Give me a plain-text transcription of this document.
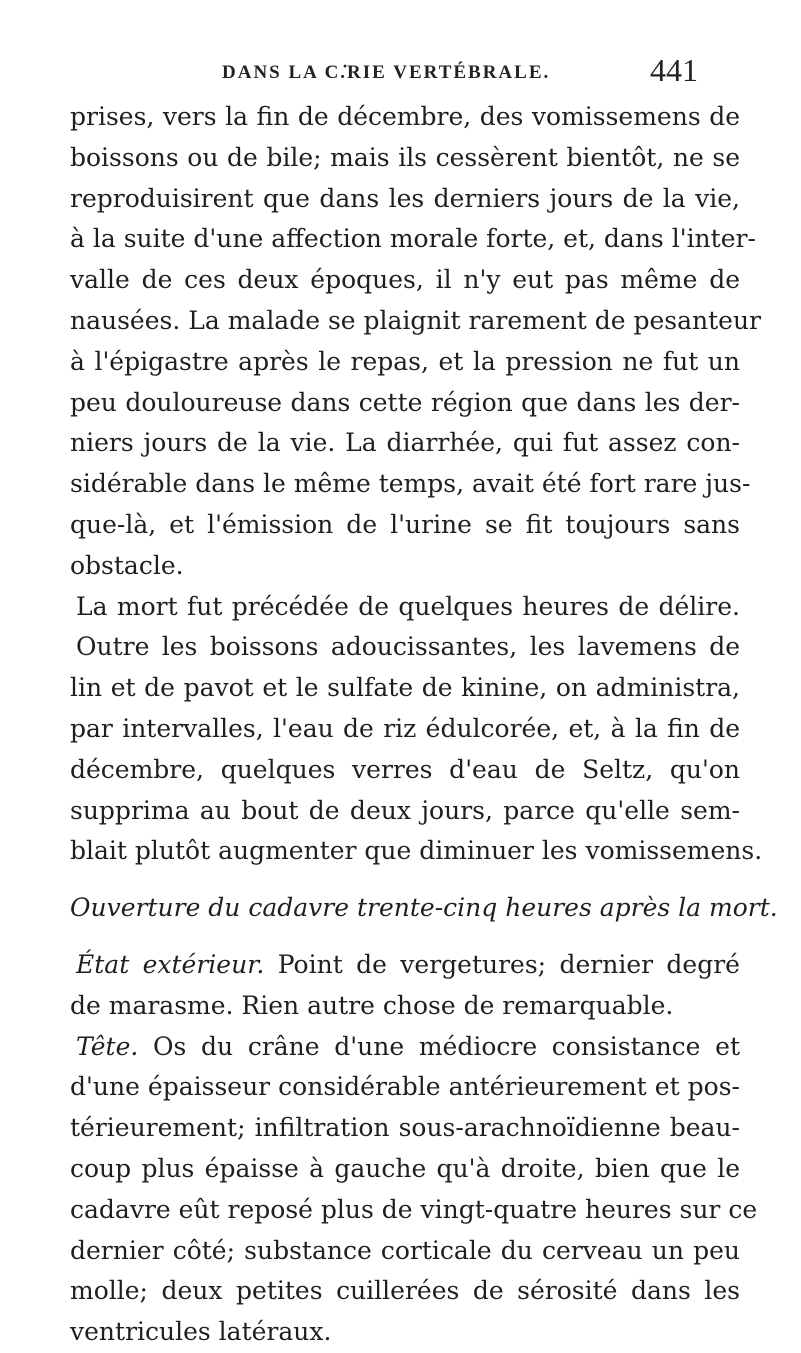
DANS LA C.̇RIE VERTÉBRALE.	441
prises, vers la fin de décembre, des vomissemens de
boissons ou de bile; mais ils cessèrent bientôt, ne se
reproduisirent que dans les derniers jours de la vie,
à la suite d'une affection morale forte, et, dans l'inter-
valle de ces deux époques, il n'y eut pas même de
nausées. La malade se plaignit rarement de pesanteur
à l'épigastre après le repas, et la pression ne fut un
peu douloureuse dans cette région que dans les der-
niers jours de la vie. La diarrhée, qui fut assez con-
sidérable dans le même temps, avait été fort rare jus-
que-là, et l'émission de l'urine se fit toujours sans
obstacle.
La mort fut précédée de quelques heures de délire.
Outre les boissons adoucissantes, les lavemens de
lin et de pavot et le sulfate de kinine, on administra,
par intervalles, l'eau de riz édulcorée, et, à la fin de
décembre, quelques verres d'eau de Seltz, qu'on
supprima au bout de deux jours, parce qu'elle sem-
blait plutôt augmenter que diminuer les vomissemens.
Ouverture du cadavre trente-cinq heures après la mort.
État extérieur. Point de vergetures; dernier degré
de marasme. Rien autre chose de remarquable.
Tête. Os du crâne d'une médiocre consistance et
d'une épaisseur considérable antérieurement et pos-
térieurement; infiltration sous-arachnoïdienne beau-
coup plus épaisse à gauche qu'à droite, bien que le
cadavre eût reposé plus de vingt-quatre heures sur ce
dernier côté; substance corticale du cerveau un peu
molle; deux petites cuillerées de sérosité dans les
ventricules latéraux.
